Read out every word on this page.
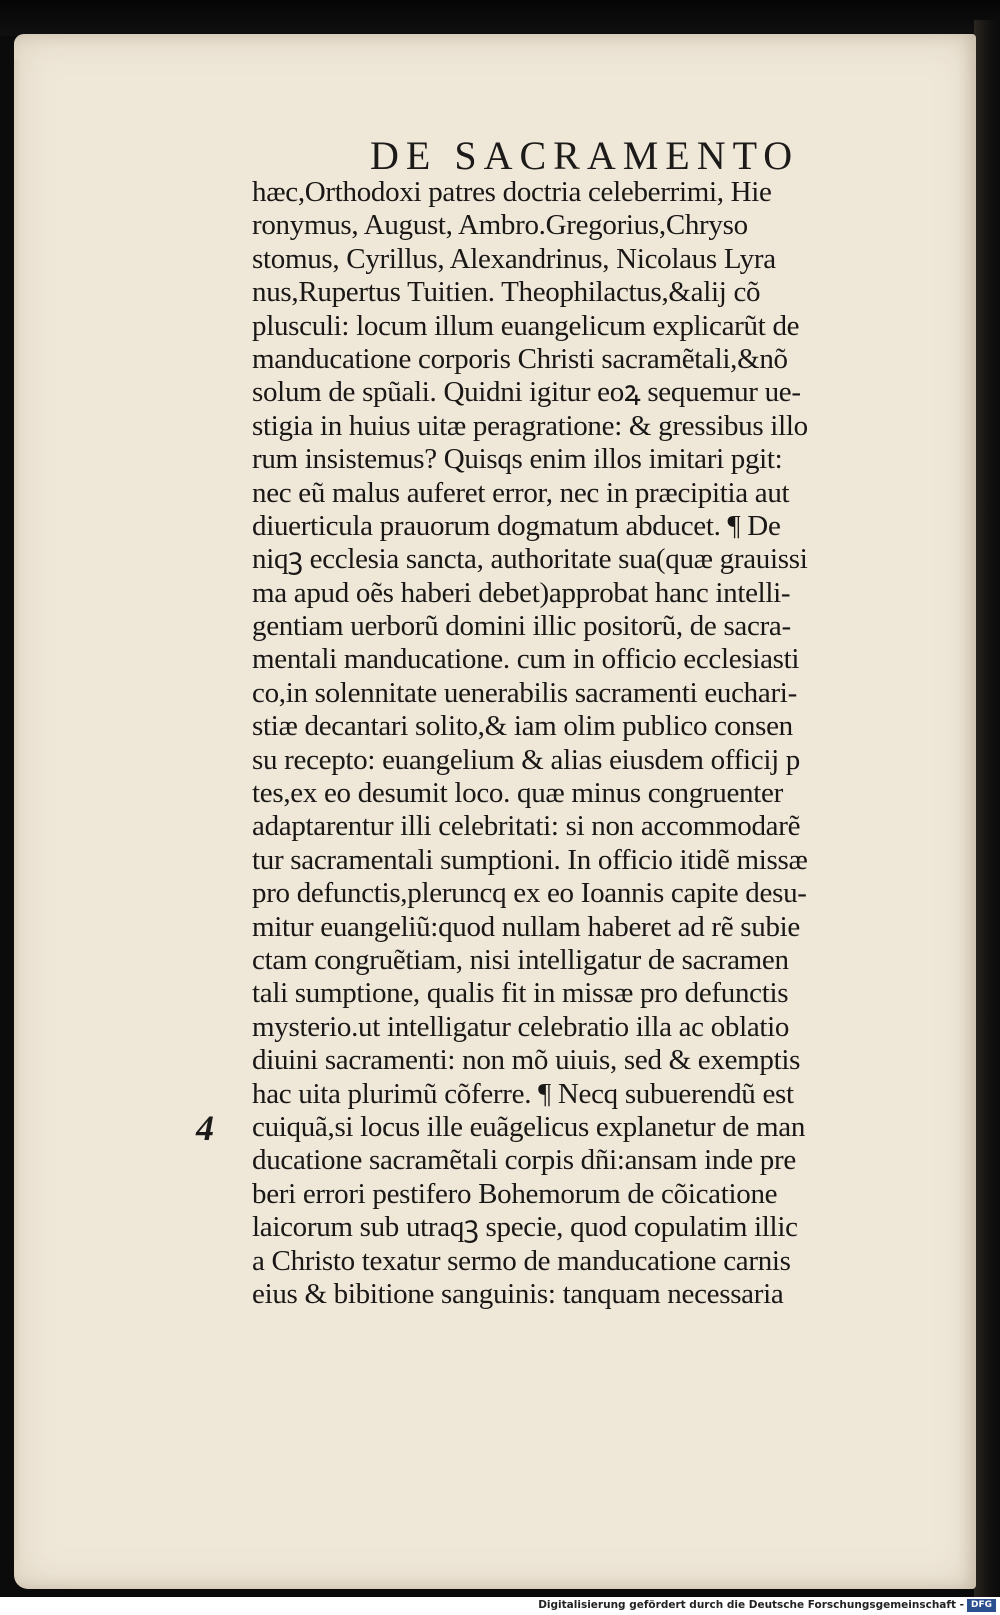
DE SACRAMENTO
hæc,Orthodoxi patres doctria celeberrimi, Hie
ronymus, August, Ambro.Gregorius,Chryso
stomus, Cyrillus, Alexandrinus, Nicolaus Lyra
nus,Rupertus Tuitien. Theophilactus,&alij cõ
plusculi: locum illum euangelicum explicarũt de
manducatione corporis Christi sacramẽtali,&nõ
solum de spũali. Quidni igitur eoꝝ sequemur ue-
stigia in huius uitæ peragratione: & gressibus illo
rum insistemus? Quisqs enim illos imitari pgit:
nec eũ malus auferet error, nec in præcipitia aut
diuerticula prauorum dogmatum abducet. ¶ De
niqꝫ ecclesia sancta, authoritate sua(quæ grauissi
ma apud oẽs haberi debet)approbat hanc intelli-
gentiam uerborũ domini illic positorũ, de sacra-
mentali manducatione. cum in officio ecclesiasti
co,in solennitate uenerabilis sacramenti euchari-
stiæ decantari solito,& iam olim publico consen
su recepto: euangelium & alias eiusdem officij p
tes,ex eo desumit loco. quæ minus congruenter
adaptarentur illi celebritati: si non accommodarẽ
tur sacramentali sumptioni. In officio itidẽ missæ
pro defunctis,pleruncq ex eo Ioannis capite desu-
mitur euangeliũ:quod nullam haberet ad rẽ subie
ctam congruẽtiam, nisi intelligatur de sacramen
tali sumptione, qualis fit in missæ pro defunctis
mysterio.ut intelligatur celebratio illa ac oblatio
diuini sacramenti: non mõ uiuis, sed & exemptis
hac uita plurimũ cõferre. ¶ Necq subuerendũ est
cuiquã,si locus ille euãgelicus explanetur de man
ducatione sacramẽtali corpis dñi:ansam inde pre
beri errori pestifero Bohemorum de cõicatione
laicorum sub utraqꝫ specie, quod copulatim illic
a Christo texatur sermo de manducatione carnis
eius & bibitione sanguinis: tanquam necessaria
4
Digitalisierung gefördert durch die Deutsche Forschungsgemeinschaft - DFG
